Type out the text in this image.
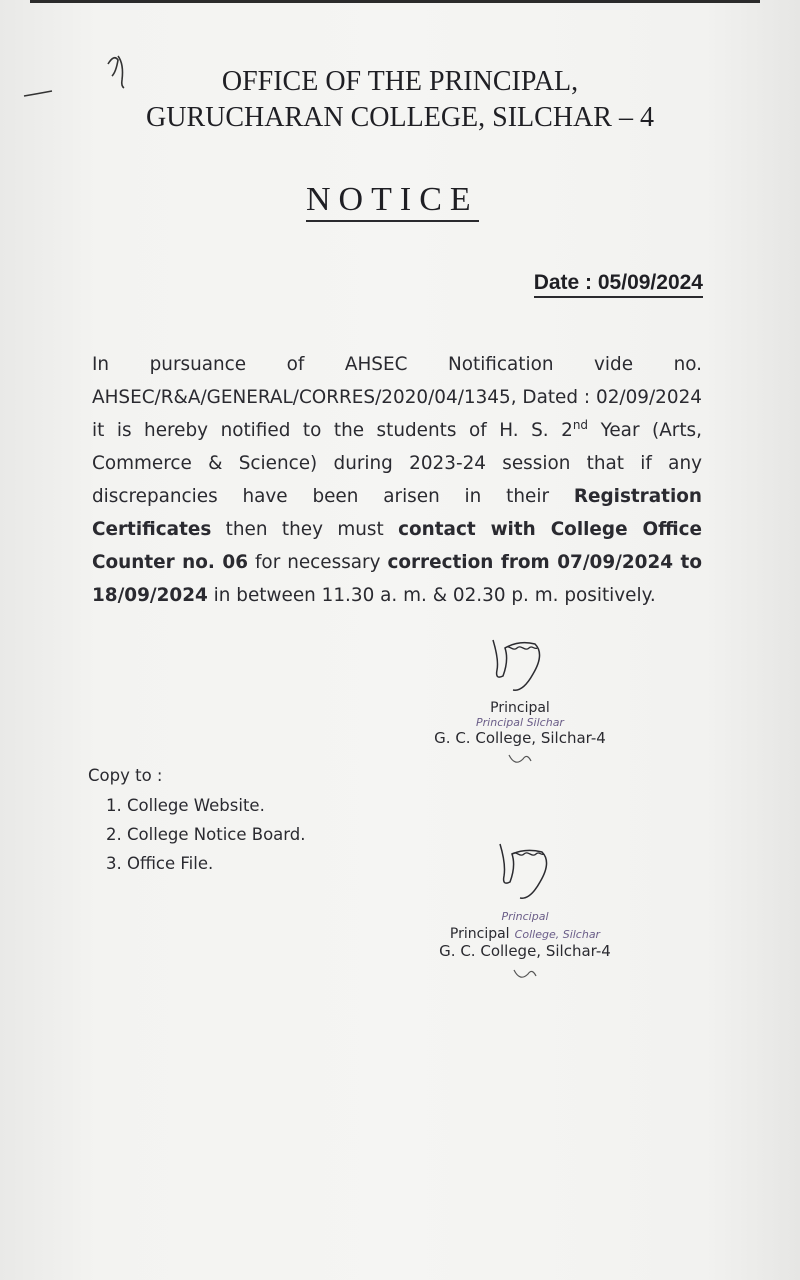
OFFICE OF THE PRINCIPAL,
GURUCHARAN COLLEGE, SILCHAR – 4
NOTICE
Date : 05/09/2024
In pursuance of AHSEC Notification vide no. AHSEC/R&A/GENERAL/CORRES/2020/04/1345, Dated : 02/09/2024 it is hereby notified to the students of H. S. 2nd Year (Arts, Commerce & Science) during 2023-24 session that if any discrepancies have been arisen in their Registration Certificates then they must contact with College Office Counter no. 06 for necessary correction from 07/09/2024 to 18/09/2024 in between 11.30 a. m. & 02.30 p. m. positively.
Principal
Principal Silchar
G. C. College, Silchar-4
Copy to :
1. College Website.
2. College Notice Board.
3. Office File.
Principal
Principal College, Silchar
G. C. College, Silchar-4
